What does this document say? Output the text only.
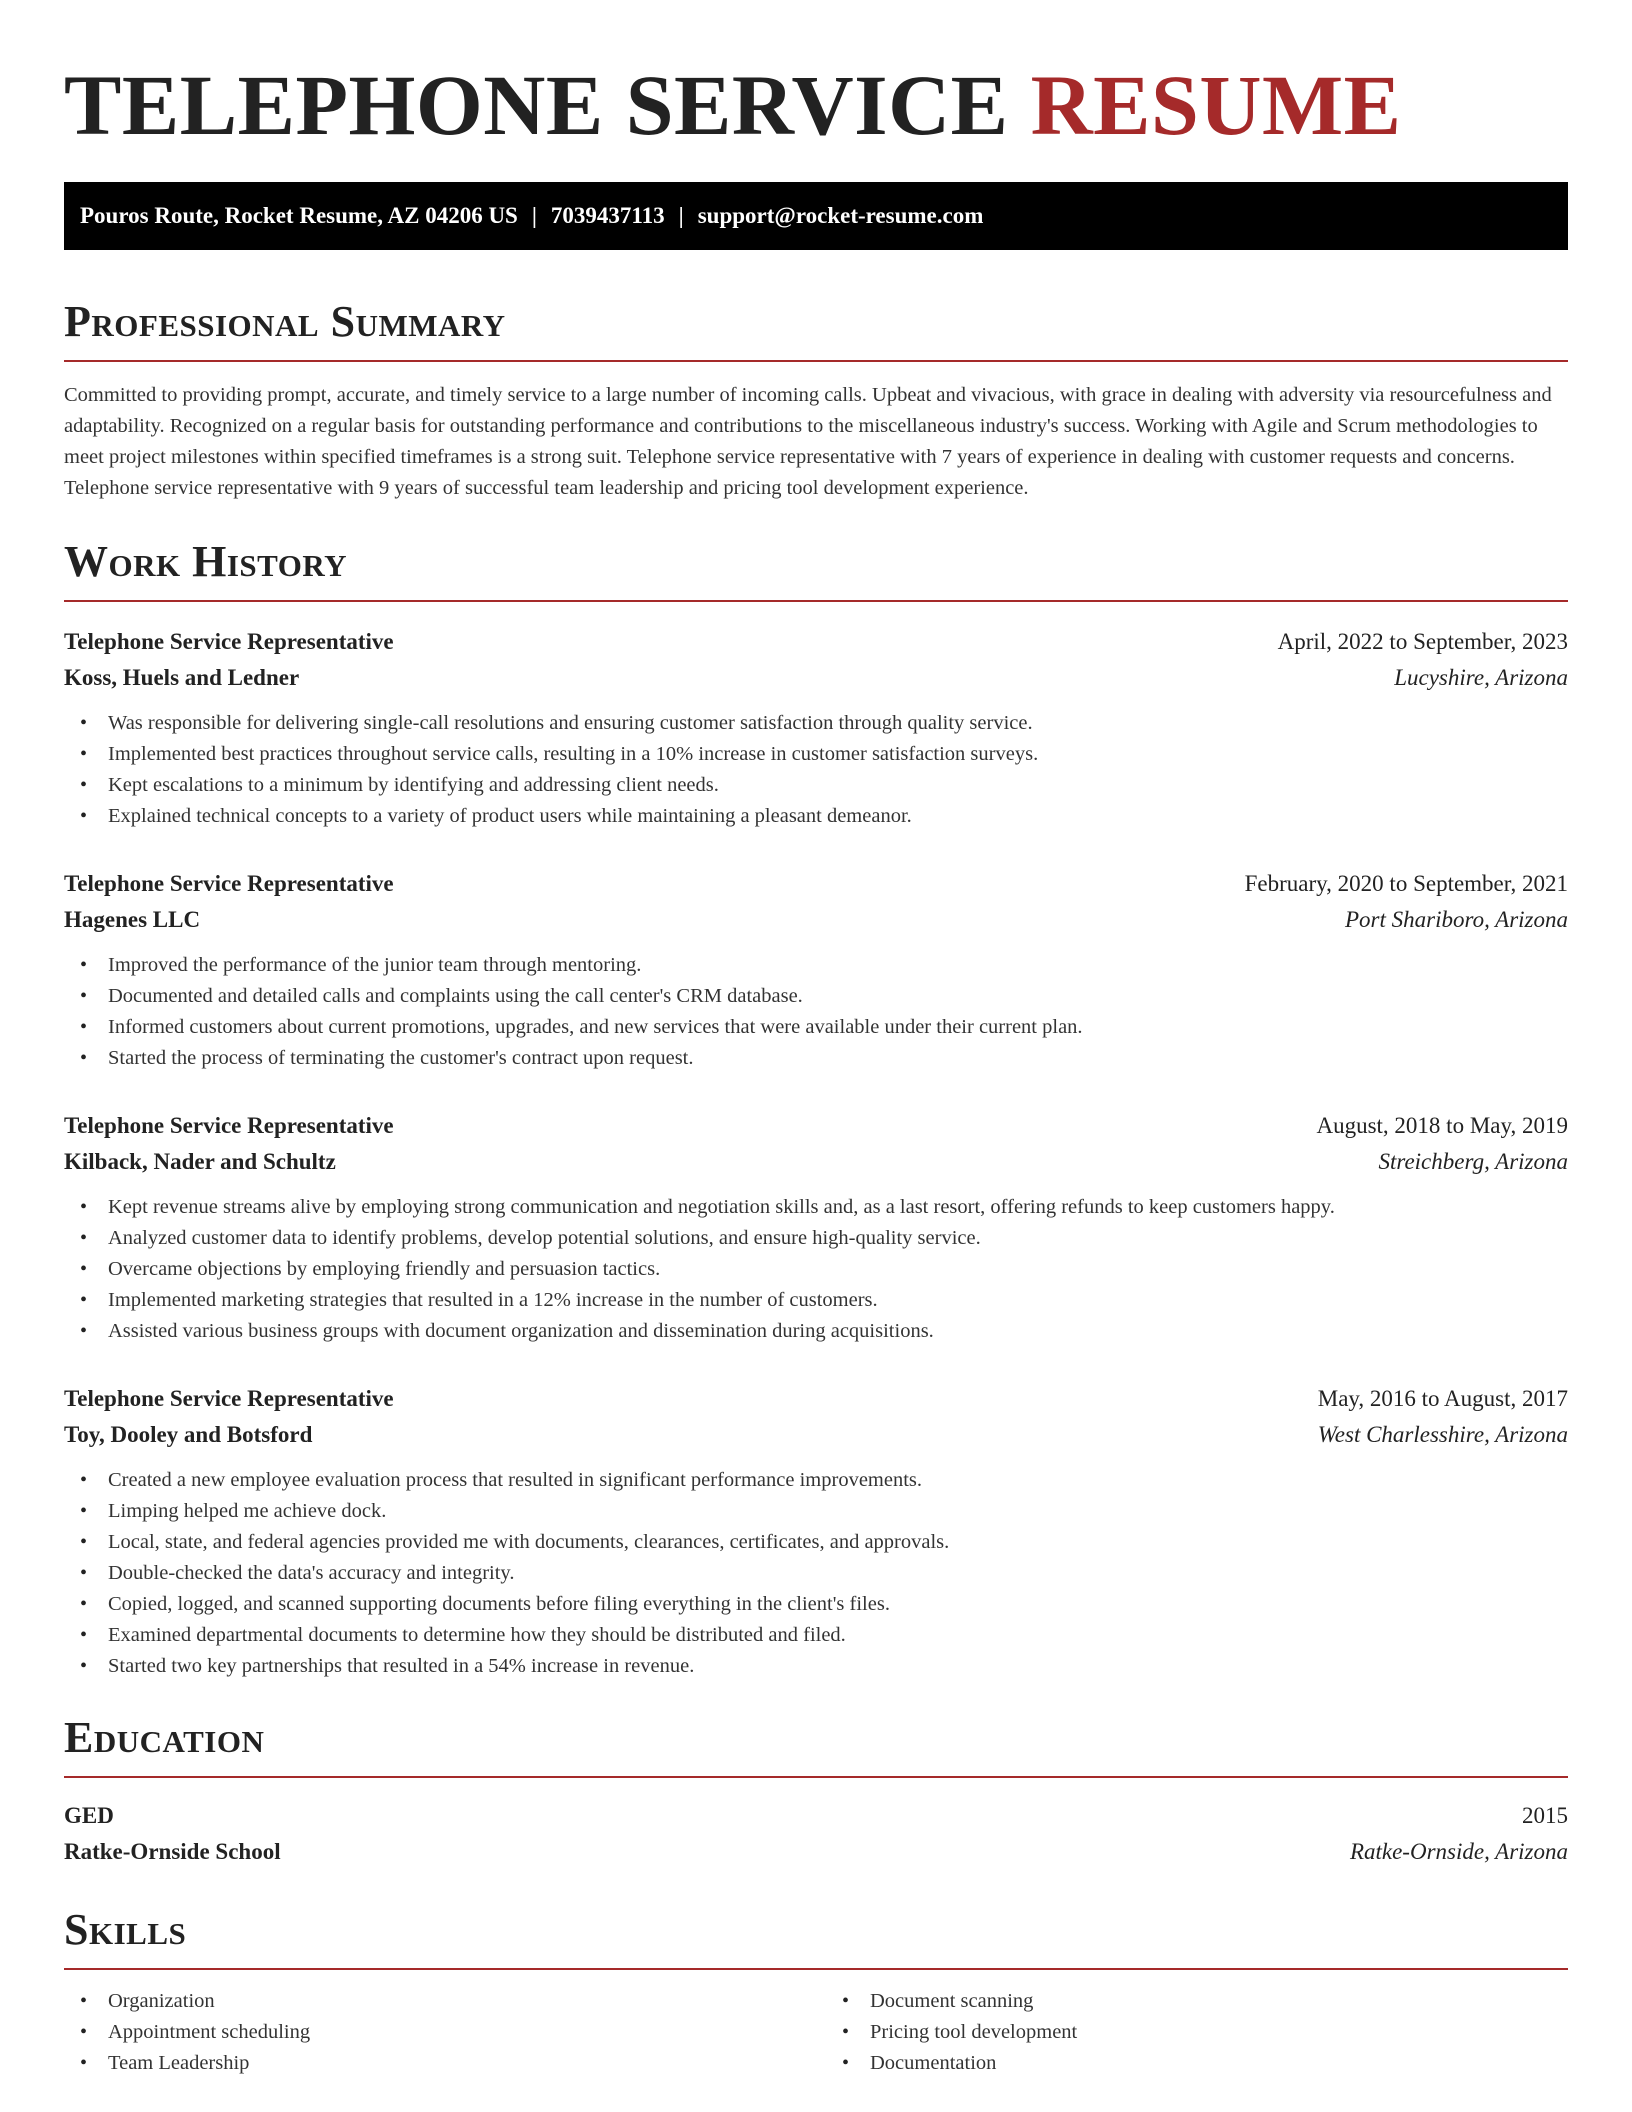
TELEPHONE SERVICE RESUME
Pouros Route, Rocket Resume, AZ 04206 US | 7039437113 | support@rocket-resume.com
Professional Summary

Committed to providing prompt, accurate, and timely service to a large number of incoming calls. Upbeat and vivacious, with grace in dealing with adversity via resourcefulness and adaptability. Recognized on a regular basis for outstanding performance and contributions to the miscellaneous industry's success. Working with Agile and Scrum methodologies to meet project milestones within specified timeframes is a strong suit. Telephone service representative with 7 years of experience in dealing with customer requests and concerns. Telephone service representative with 9 years of successful team leadership and pricing tool development experience.

Work History
Telephone Service Representative	April, 2022 to September, 2023
Koss, Huels and Ledner	Lucyshire, Arizona
• Was responsible for delivering single-call resolutions and ensuring customer satisfaction through quality service.
• Implemented best practices throughout service calls, resulting in a 10% increase in customer satisfaction surveys.
• Kept escalations to a minimum by identifying and addressing client needs.
• Explained technical concepts to a variety of product users while maintaining a pleasant demeanor.
Telephone Service Representative	February, 2020 to September, 2021
Hagenes LLC	Port Shariboro, Arizona
• Improved the performance of the junior team through mentoring.
• Documented and detailed calls and complaints using the call center's CRM database.
• Informed customers about current promotions, upgrades, and new services that were available under their current plan.
• Started the process of terminating the customer's contract upon request.
Telephone Service Representative	August, 2018 to May, 2019
Kilback, Nader and Schultz	Streichberg, Arizona
• Kept revenue streams alive by employing strong communication and negotiation skills and, as a last resort, offering refunds to keep customers happy.
• Analyzed customer data to identify problems, develop potential solutions, and ensure high-quality service.
• Overcame objections by employing friendly and persuasion tactics.
• Implemented marketing strategies that resulted in a 12% increase in the number of customers.
• Assisted various business groups with document organization and dissemination during acquisitions.
Telephone Service Representative	May, 2016 to August, 2017
Toy, Dooley and Botsford	West Charlesshire, Arizona
• Created a new employee evaluation process that resulted in significant performance improvements.
• Limping helped me achieve dock.
• Local, state, and federal agencies provided me with documents, clearances, certificates, and approvals.
• Double-checked the data's accuracy and integrity.
• Copied, logged, and scanned supporting documents before filing everything in the client's files.
• Examined departmental documents to determine how they should be distributed and filed.
• Started two key partnerships that resulted in a 54% increase in revenue.
Education
GED	2015
Ratke-Ornside School	Ratke-Ornside, Arizona
Skills
• Organization
• Appointment scheduling
• Team Leadership
• Document scanning
• Pricing tool development
• Documentation
